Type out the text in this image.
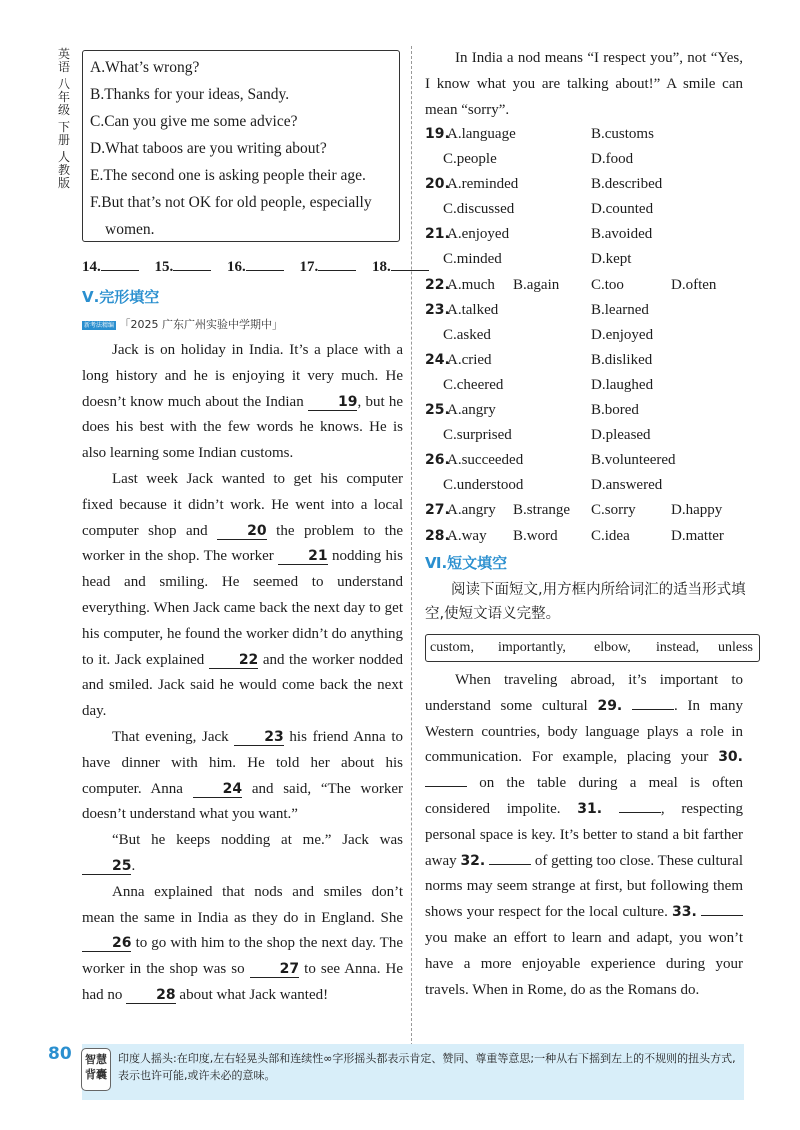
英语
八年级
下册
人教版
A.What’s wrong?
B.Thanks for your ideas, Sandy.
C.Can you give me some advice?
D.What taboos are you writing about?
E.The second one is asking people their age.
F.But that’s not OK for old people, especially
women.
14.	15.	16.	17.	18.
Ⅴ.完形填空
新考法精编 「2025 广东广州实验中学期中」

Jack is on holiday in India. It’s a place with a long history and he is enjoying it very much. He doesn’t know much about the Indian 19, but he does his best with the few words he knows. He is also learning some Indian customs.

Last week Jack wanted to get his computer fixed because it didn’t work. He went into a local computer shop and 20 the problem to the worker in the shop. The worker 21 nodding his head and smiling. He seemed to understand everything. When Jack came back the next day to get his computer, he found the worker didn’t do anything to it. Jack explained 22 and the worker nodded and smiled. Jack said he would come back the next day.

That evening, Jack 23 his friend Anna to have dinner with him. He told her about his computer. Anna 24 and said, “The worker doesn’t understand what you want.”

“But he keeps nodding at me.” Jack was 25.

Anna explained that nods and smiles don’t mean the same in India as they do in England. She 26 to go with him to the shop the next day. The worker in the shop was so 27 to see Anna. He had no 28 about what Jack wanted!

In India a nod means “I respect you”, not “Yes, I know what you are talking about!” A smile can mean “sorry”.

19.
A.language	B.customs
C.people	D.food
20.
A.reminded	B.described
C.discussed	D.counted
21.
A.enjoyed	B.avoided
C.minded	D.kept
22.
A.much B.again C.too	D.often
23.
A.talked	B.learned
C.asked	D.enjoyed
24.
A.cried	B.disliked
C.cheered	D.laughed
25.
A.angry	B.bored
C.surprised	D.pleased
26.
A.succeeded	B.volunteered
C.understood	D.answered
27.
A.angry B.strange C.sorry D.happy
28.
A.way B.word C.idea	D.matter
Ⅵ.短文填空
阅读下面短文,用方框内所给词汇的适当形式填空,使短文语义完整。
custom, importantly, elbow, instead, unless

When traveling abroad, it’s important to understand some cultural 29.	. In many Western countries, body language plays a role in communication. For example, placing your 30.  on the table during a meal is often considered impolite. 31.	, respecting personal space is key. It’s better to stand a bit farther away 32.	of getting too close. These cultural norms may seem strange at first, but following them shows your respect for the local culture. 33.  you make an effort to learn and adapt, you won’t have a more enjoyable experience during your travels. When in Rome, do as the Romans do.

80 智慧
背囊
印度人摇头:在印度,左右轻晃头部和连续性∞字形摇头都表示肯定、赞同、尊重等意思;一种从右下摇到左上的不规则的扭头方式,表示也许可能,或许未必的意味。
